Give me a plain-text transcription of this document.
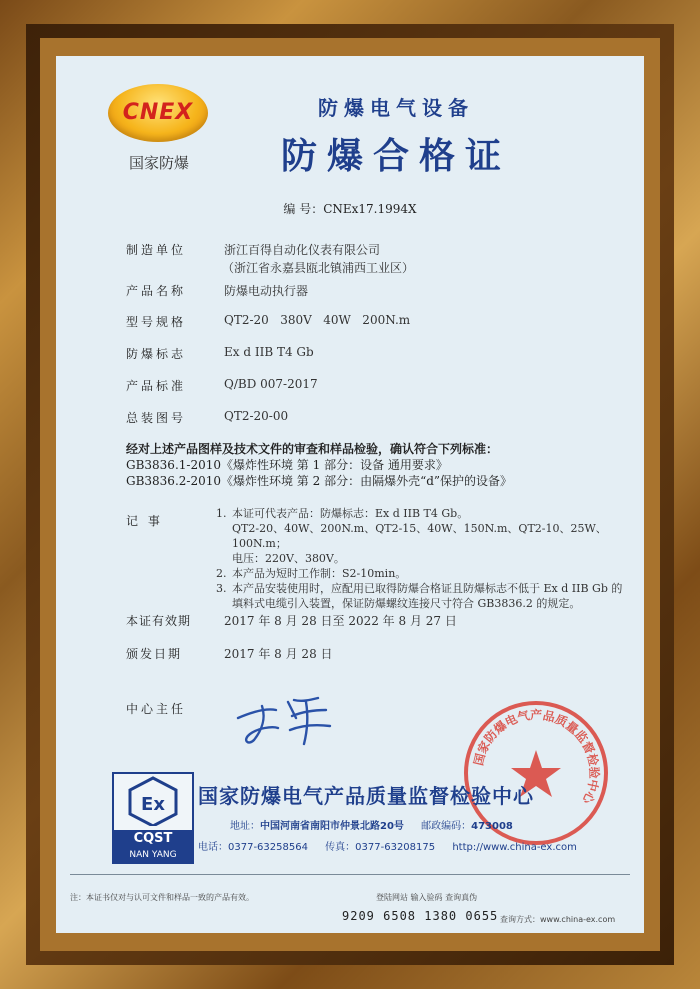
CNEX
国家防爆
防爆电气设备
防爆合格证
编 号：CNEx17.1994X
制造单位	浙江百得自动化仪表有限公司
（浙江省永嘉县瓯北镇浦西工业区）
产品名称	防爆电动执行器
型号规格	QT2-20   380V   40W   200N.m
防爆标志	Ex d IIB T4 Gb
产品标准	Q/BD 007-2017
总装图号	QT2-20-00
经对上述产品图样及技术文件的审查和样品检验，确认符合下列标准：
GB3836.1-2010《爆炸性环境 第 1 部分：设备 通用要求》
GB3836.2-2010《爆炸性环境 第 2 部分：由隔爆外壳“d”保护的设备》
记 事
1. 本证可代表产品：防爆标志：Ex d IIB T4 Gb。
QT2-20、40W、200N.m、QT2-15、40W、150N.m、QT2-10、25W、100N.m；
电压：220V、380V。
2. 本产品为短时工作制：S2-10min。
3. 本产品安装使用时，应配用已取得防爆合格证且防爆标志不低于 Ex d IIB Gb 的
填料式电缆引入装置，保证防爆螺纹连接尺寸符合 GB3836.2 的规定。
本证有效期	2017 年 8 月 28 日至 2022 年 8 月 27 日
颁发日期	2017 年 8 月 28 日
中心主任
国家防爆电气产品质量监督检验中心
Ex
CQST
NAN YANG
国家防爆电气产品质量监督检验中心
地址：中国河南省南阳市仲景北路20号 邮政编码：473008
电话：0377-63258564 传真：0377-63208175 http://www.china-ex.com
注：本证书仅对与认可文件和样品一致的产品有效。	登陆网站 输入验码 查询真伪
9209 6508 1380 0655 查询方式：www.china-ex.com
